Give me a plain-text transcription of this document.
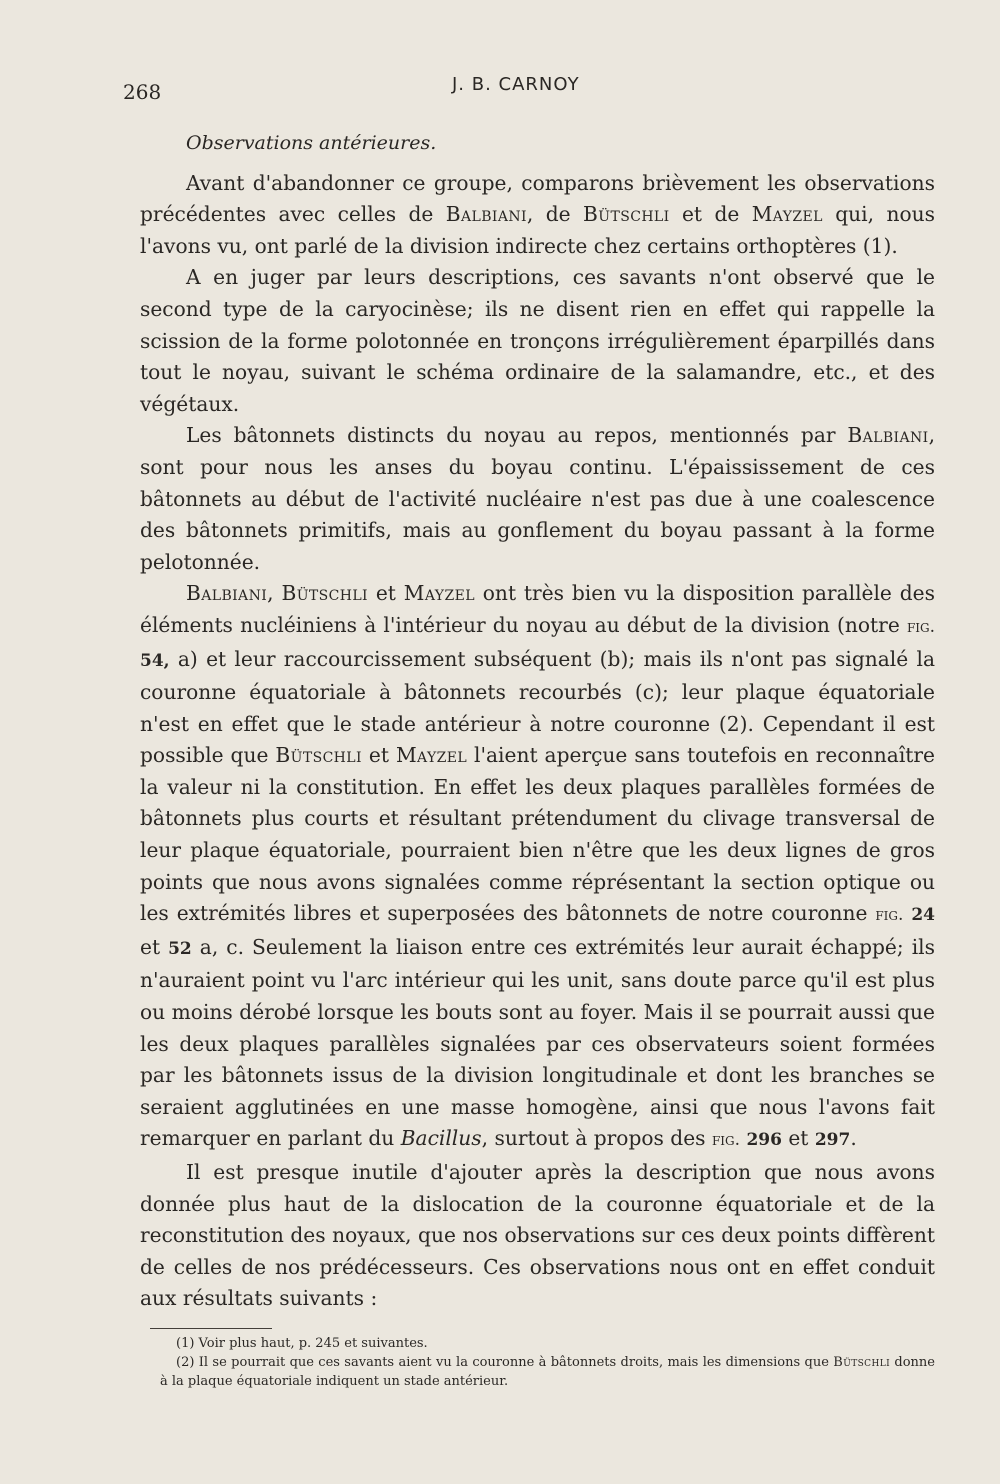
268	J. B. CARNOY

Observations antérieures.

Avant d'abandonner ce groupe, comparons brièvement les observations précédentes avec celles de Balbiani, de Bütschli et de Mayzel qui, nous l'avons vu, ont parlé de la division indirecte chez certains orthoptères (1).

A en juger par leurs descriptions, ces savants n'ont observé que le second type de la caryocinèse; ils ne disent rien en effet qui rappelle la scission de la forme polotonnée en tronçons irrégulièrement éparpillés dans tout le noyau, suivant le schéma ordinaire de la salamandre, etc., et des végétaux.

Les bâtonnets distincts du noyau au repos, mentionnés par Balbiani, sont pour nous les anses du boyau continu. L'épaississement de ces bâtonnets au début de l'activité nucléaire n'est pas due à une coalescence des bâtonnets primitifs, mais au gonflement du boyau passant à la forme pelotonnée.

Balbiani, Bütschli et Mayzel ont très bien vu la disposition parallèle des éléments nucléiniens à l'intérieur du noyau au début de la division (notre fig. 54, a) et leur raccourcissement subséquent (b); mais ils n'ont pas signalé la couronne équatoriale à bâtonnets recourbés (c); leur plaque équatoriale n'est en effet que le stade antérieur à notre couronne (2). Cependant il est possible que Bütschli et Mayzel l'aient aperçue sans toutefois en reconnaître la valeur ni la constitution. En effet les deux plaques parallèles formées de bâtonnets plus courts et résultant prétendument du clivage transversal de leur plaque équatoriale, pourraient bien n'être que les deux lignes de gros points que nous avons signalées comme réprésentant la section optique ou les extrémités libres et superposées des bâtonnets de notre couronne fig. 24 et 52 a, c. Seulement la liaison entre ces extrémités leur aurait échappé; ils n'auraient point vu l'arc intérieur qui les unit, sans doute parce qu'il est plus ou moins dérobé lorsque les bouts sont au foyer. Mais il se pourrait aussi que les deux plaques parallèles signalées par ces observateurs soient formées par les bâtonnets issus de la division longitudinale et dont les branches se seraient agglutinées en une masse homogène, ainsi que nous l'avons fait remarquer en parlant du Bacillus, surtout à propos des fig. 296 et 297.

Il est presque inutile d'ajouter après la description que nous avons donnée plus haut de la dislocation de la couronne équatoriale et de la reconstitution des noyaux, que nos observations sur ces deux points diffèrent de celles de nos prédécesseurs. Ces observations nous ont en effet conduit aux résultats suivants :

(1) Voir plus haut, p. 245 et suivantes.

(2) Il se pourrait que ces savants aient vu la couronne à bâtonnets droits, mais les dimensions que Bütschli donne à la plaque équatoriale indiquent un stade antérieur.
